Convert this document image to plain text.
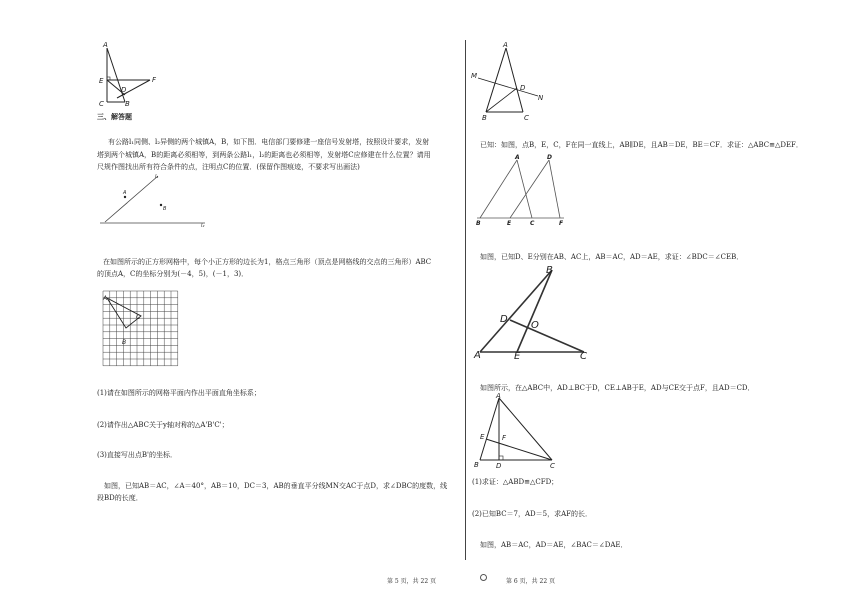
A
E	F
D
C	B
三、解答题
有公路l₁同侧、l₂异侧的两个城镇A，B，如下图．电信部门要修建一座信号发射塔，按照设计要求，发射
塔到两个城镇A，B的距离必须相等，到两条公路l₁，l₂的距离也必须相等，发射塔C应修建在什么位置？请用
尺规作图找出所有符合条件的点，注明点C的位置．(保留作图痕迹，不要求写出画法)
l₁
A
B
l₂
在如图所示的正方形网格中，每个小正方形的边长为1，格点三角形（顶点是网格线的交点的三角形）ABC
的顶点A，C的坐标分别为(－4，5)，(－1，3)．
A
C
B
(1)请在如图所示的网格平面内作出平面直角坐标系；
(2)请作出△ABC关于y轴对称的△A'B'C'；
(3)直接写出点B'的坐标．
如图，已知AB＝AC，∠A＝40°，AB＝10，DC＝3，AB的垂直平分线MN交AC于点D，求∠DBC的度数，线
段BD的长度．
A
M
D
N
B	C
已知：如图，点B，E，C，F在同一直线上，AB∥DE，且AB＝DE，BE＝CF．求证：△ABC≌△DEF．
A	D
B	E	C	F
如图，已知D、E分别在AB、AC上，AB＝AC，AD＝AE，求证：∠BDC＝∠CEB．
B
D
O
A	E	C
如图所示，在△ABC中，AD⊥BC于D，CE⊥AB于E，AD与CE交于点F，且AD＝CD．
A
E	F
B D	C
(1)求证：△ABD≌△CFD；
(2)已知BC＝7，AD＝5，求AF的长．
如图，AB＝AC，AD＝AE，∠BAC＝∠DAE．
第 5 页，共 22 页	第 6 页，共 22 页
